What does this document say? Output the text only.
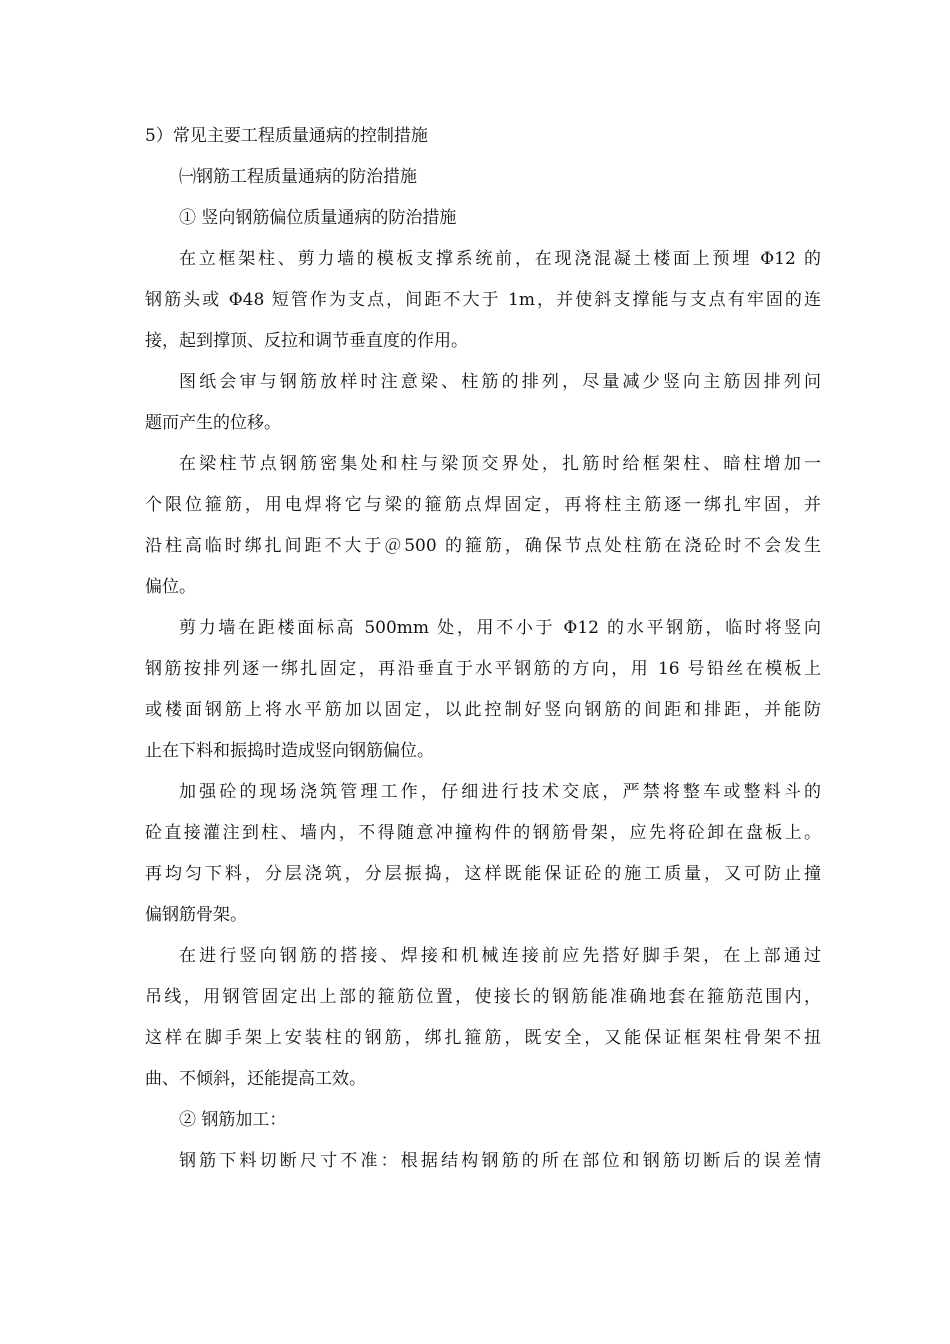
5）常见主要工程质量通病的控制措施
㈠钢筋工程质量通病的防治措施
① 竖向钢筋偏位质量通病的防治措施
在立框架柱、剪力墙的模板支撑系统前，在现浇混凝土楼面上预埋 Φ12 的
钢筋头或 Φ48 短管作为支点，间距不大于 1m，并使斜支撑能与支点有牢固的连
接，起到撑顶、反拉和调节垂直度的作用。
图纸会审与钢筋放样时注意梁、柱筋的排列，尽量减少竖向主筋因排列问
题而产生的位移。
在梁柱节点钢筋密集处和柱与梁顶交界处，扎筋时给框架柱、暗柱增加一
个限位箍筋，用电焊将它与梁的箍筋点焊固定，再将柱主筋逐一绑扎牢固，并
沿柱高临时绑扎间距不大于＠500 的箍筋，确保节点处柱筋在浇砼时不会发生
偏位。
剪力墙在距楼面标高 500mm 处，用不小于 Φ12 的水平钢筋，临时将竖向
钢筋按排列逐一绑扎固定，再沿垂直于水平钢筋的方向，用 16 号铅丝在模板上
或楼面钢筋上将水平筋加以固定，以此控制好竖向钢筋的间距和排距，并能防
止在下料和振捣时造成竖向钢筋偏位。
加强砼的现场浇筑管理工作，仔细进行技术交底，严禁将整车或整料斗的
砼直接灌注到柱、墙内，不得随意冲撞构件的钢筋骨架，应先将砼卸在盘板上。
再均匀下料，分层浇筑，分层振捣，这样既能保证砼的施工质量，又可防止撞
偏钢筋骨架。
在进行竖向钢筋的搭接、焊接和机械连接前应先搭好脚手架，在上部通过
吊线，用钢管固定出上部的箍筋位置，使接长的钢筋能准确地套在箍筋范围内，
这样在脚手架上安装柱的钢筋，绑扎箍筋，既安全，又能保证框架柱骨架不扭
曲、不倾斜，还能提高工效。
② 钢筋加工：
钢筋下料切断尺寸不准：根据结构钢筋的所在部位和钢筋切断后的误差情
